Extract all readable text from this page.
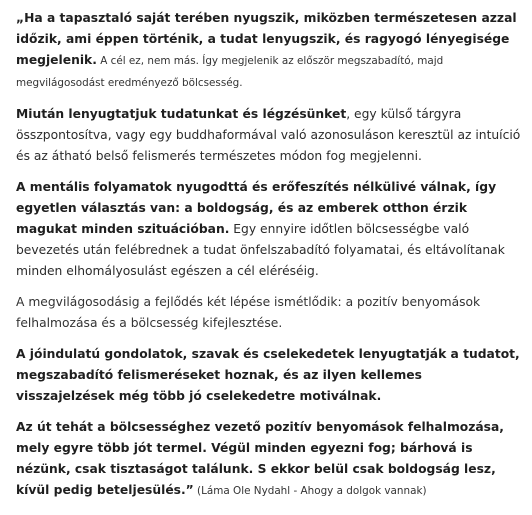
„Ha a tapasztaló saját terében nyugszik, miközben természetesen azzal időzik, ami éppen történik, a tudat lenyugszik, és ragyogó lényegisége megjelenik. A cél ez, nem más. Így megjelenik az először megszabadító, majd megvilágosodást eredményező bölcsesség.

Miután lenyugtatjuk tudatunkat és légzésünket, egy külső tárgyra összpontosítva, vagy egy buddhaformával való azonosuláson keresztül az intuíció és az átható belső felismerés természetes módon fog megjelenni.

A mentális folyamatok nyugodttá és erőfeszítés nélkülivé válnak, így egyetlen választás van: a boldogság, és az emberek otthon érzik magukat minden szituációban. Egy ennyire időtlen bölcsességbe való bevezetés után felébrednek a tudat önfelszabadító folyamatai, és eltávolítanak minden elhomályosulást egészen a cél eléréséig.

A megvilágosodásig a fejlődés két lépése ismétlődik: a pozitív benyomások felhalmozása és a bölcsesség kifejlesztése.

A jóindulatú gondolatok, szavak és cselekedetek lenyugtatják a tudatot, megszabadító felismeréseket hoznak, és az ilyen kellemes visszajelzések még több jó cselekedetre motiválnak.

Az út tehát a bölcsességhez vezető pozitív benyomások felhalmozása, mely egyre több jót termel. Végül minden egyezni fog; bárhová is nézünk, csak tisztaságot találunk. S ekkor belül csak boldogság lesz, kívül pedig beteljesülés.” (Láma Ole Nydahl - Ahogy a dolgok vannak)
